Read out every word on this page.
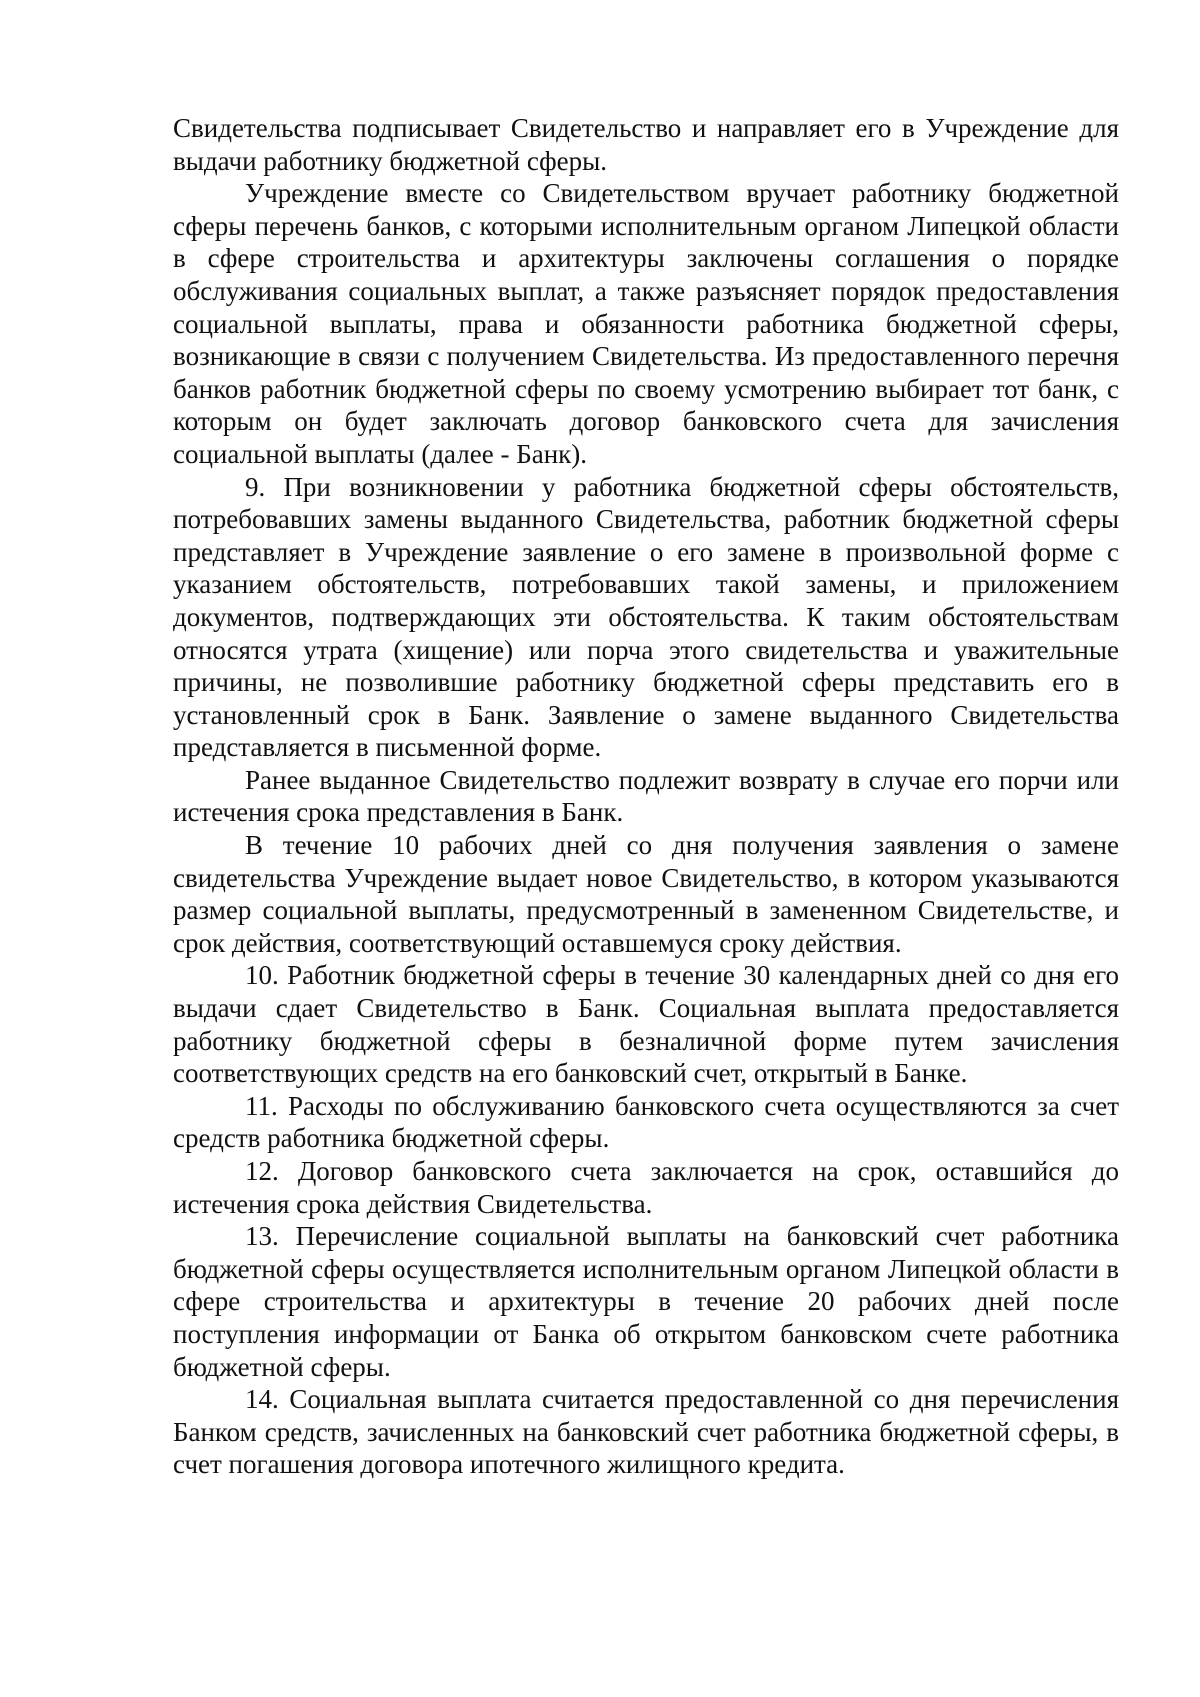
Свидетельства подписывает Свидетельство и направляет его в Учреждение для выдачи работнику бюджетной сферы.

Учреждение вместе со Свидетельством вручает работнику бюджетной сферы перечень банков, с которыми исполнительным органом Липецкой области в сфере строительства и архитектуры заключены соглашения о порядке обслуживания социальных выплат, а также разъясняет порядок предоставления социальной выплаты, права и обязанности работника бюджетной сферы, возникающие в связи с получением Свидетельства. Из предоставленного перечня банков работник бюджетной сферы по своему усмотрению выбирает тот банк, с которым он будет заключать договор банковского счета для зачисления социальной выплаты (далее - Банк).

9. При возникновении у работника бюджетной сферы обстоятельств, потребовавших замены выданного Свидетельства, работник бюджетной сферы представляет в Учреждение заявление о его замене в произвольной форме с указанием обстоятельств, потребовавших такой замены, и приложением документов, подтверждающих эти обстоятельства. К таким обстоятельствам относятся утрата (хищение) или порча этого свидетельства и уважительные причины, не позволившие работнику бюджетной сферы представить его в установленный срок в Банк. Заявление о замене выданного Свидетельства представляется в письменной форме.

Ранее выданное Свидетельство подлежит возврату в случае его порчи или истечения срока представления в Банк.

В течение 10 рабочих дней со дня получения заявления о замене свидетельства Учреждение выдает новое Свидетельство, в котором указываются размер социальной выплаты, предусмотренный в замененном Свидетельстве, и срок действия, соответствующий оставшемуся сроку действия.

10. Работник бюджетной сферы в течение 30 календарных дней со дня его выдачи сдает Свидетельство в Банк. Социальная выплата предоставляется работнику бюджетной сферы в безналичной форме путем зачисления соответствующих средств на его банковский счет, открытый в Банке.

11. Расходы по обслуживанию банковского счета осуществляются за счет средств работника бюджетной сферы.

12. Договор банковского счета заключается на срок, оставшийся до истечения срока действия Свидетельства.

13. Перечисление социальной выплаты на банковский счет работника бюджетной сферы осуществляется исполнительным органом Липецкой области в сфере строительства и архитектуры в течение 20 рабочих дней после поступления информации от Банка об открытом банковском счете работника бюджетной сферы.

14. Социальная выплата считается предоставленной со дня перечисления Банком средств, зачисленных на банковский счет работника бюджетной сферы, в счет погашения договора ипотечного жилищного кредита.
